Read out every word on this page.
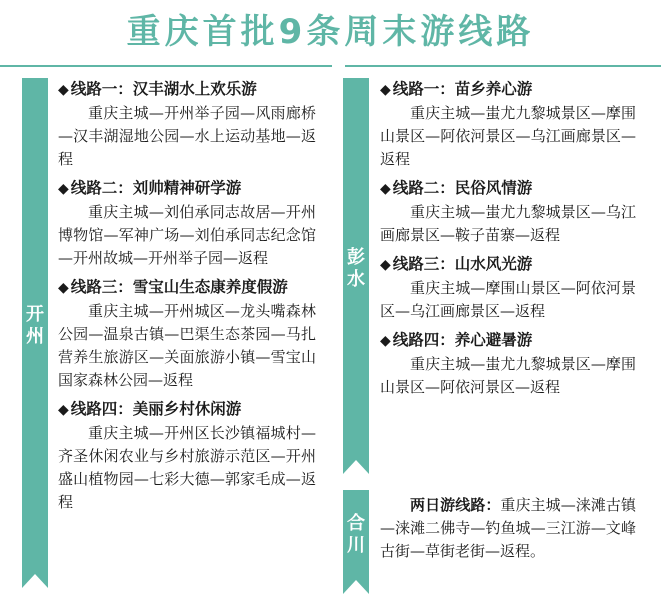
重庆首批9条周末游线路
开
州
◆ 线路一：汉丰湖水上欢乐游

重庆主城—开州举子园—风雨廊桥—汉丰湖湿地公园—水上运动基地—返程

◆ 线路二：刘帅精神研学游

重庆主城—刘伯承同志故居—开州博物馆—军神广场—刘伯承同志纪念馆—开州故城—开州举子园—返程

◆ 线路三：雪宝山生态康养度假游

重庆主城—开州城区—龙头嘴森林公园—温泉古镇—巴渠生态茶园—马扎营养生旅游区—关面旅游小镇—雪宝山国家森林公园—返程

◆ 线路四：美丽乡村休闲游

重庆主城—开州区长沙镇福城村—齐圣休闲农业与乡村旅游示范区—开州盛山植物园—七彩大德—郭家毛成—返程

彭
水
◆ 线路一：苗乡养心游

重庆主城—蚩尤九黎城景区—摩围山景区—阿依河景区—乌江画廊景区—返程

◆ 线路二：民俗风情游

重庆主城—蚩尤九黎城景区—乌江画廊景区—鞍子苗寨—返程

◆ 线路三：山水风光游

重庆主城—摩围山景区—阿依河景区—乌江画廊景区—返程

◆ 线路四：养心避暑游

重庆主城—蚩尤九黎城景区—摩围山景区—阿依河景区—返程

合
川

两日游线路：重庆主城—涞滩古镇—涞滩二佛寺—钓鱼城—三江游—文峰古街—草街老街—返程。
